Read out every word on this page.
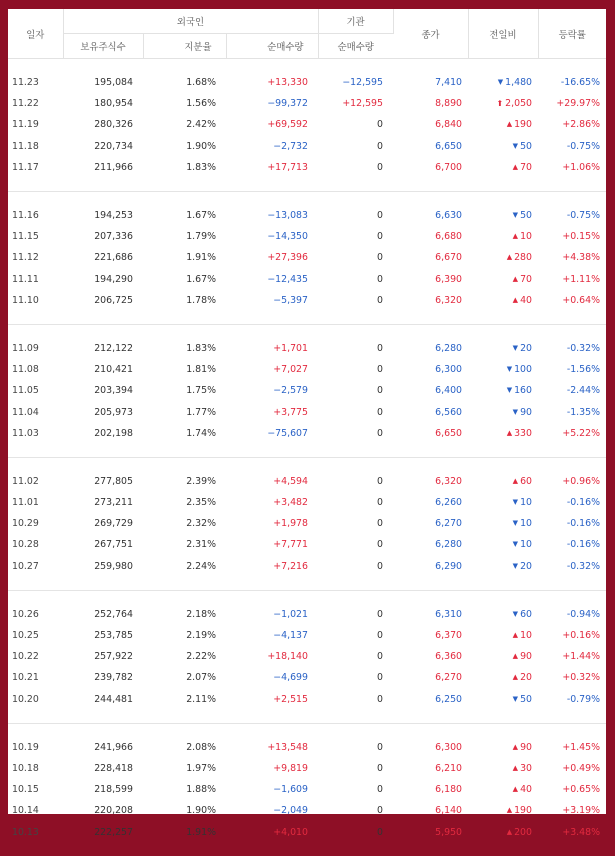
일자	외국인			기관	종가	전일비	등락률
	보유주식수	지분율	순매수량	순매수량			

11.23	195,084	1.68%	+13,330	−12,595	7,410	▼ 1,480	-16.65%
11.22	180,954	1.56%	−99,372	+12,595	8,890	⬆ 2,050	+29.97%
11.19	280,326	2.42%	+69,592	0	6,840	▲ 190	+2.86%
11.18	220,734	1.90%	−2,732	0	6,650	▼ 50	-0.75%
11.17	211,966	1.83%	+17,713	0	6,700	▲ 70	+1.06%

11.16	194,253	1.67%	−13,083	0	6,630	▼ 50	-0.75%
11.15	207,336	1.79%	−14,350	0	6,680	▲ 10	+0.15%
11.12	221,686	1.91%	+27,396	0	6,670	▲ 280	+4.38%
11.11	194,290	1.67%	−12,435	0	6,390	▲ 70	+1.11%
11.10	206,725	1.78%	−5,397	0	6,320	▲ 40	+0.64%

11.09	212,122	1.83%	+1,701	0	6,280	▼ 20	-0.32%
11.08	210,421	1.81%	+7,027	0	6,300	▼ 100	-1.56%
11.05	203,394	1.75%	−2,579	0	6,400	▼ 160	-2.44%
11.04	205,973	1.77%	+3,775	0	6,560	▼ 90	-1.35%
11.03	202,198	1.74%	−75,607	0	6,650	▲ 330	+5.22%

11.02	277,805	2.39%	+4,594	0	6,320	▲ 60	+0.96%
11.01	273,211	2.35%	+3,482	0	6,260	▼ 10	-0.16%
10.29	269,729	2.32%	+1,978	0	6,270	▼ 10	-0.16%
10.28	267,751	2.31%	+7,771	0	6,280	▼ 10	-0.16%
10.27	259,980	2.24%	+7,216	0	6,290	▼ 20	-0.32%

10.26	252,764	2.18%	−1,021	0	6,310	▼ 60	-0.94%
10.25	253,785	2.19%	−4,137	0	6,370	▲ 10	+0.16%
10.22	257,922	2.22%	+18,140	0	6,360	▲ 90	+1.44%
10.21	239,782	2.07%	−4,699	0	6,270	▲ 20	+0.32%
10.20	244,481	2.11%	+2,515	0	6,250	▼ 50	-0.79%

10.19	241,966	2.08%	+13,548	0	6,300	▲ 90	+1.45%
10.18	228,418	1.97%	+9,819	0	6,210	▲ 30	+0.49%
10.15	218,599	1.88%	−1,609	0	6,180	▲ 40	+0.65%
10.14	220,208	1.90%	−2,049	0	6,140	▲ 190	+3.19%
10.13	222,257	1.91%	+4,010	0	5,950	▲ 200	+3.48%
